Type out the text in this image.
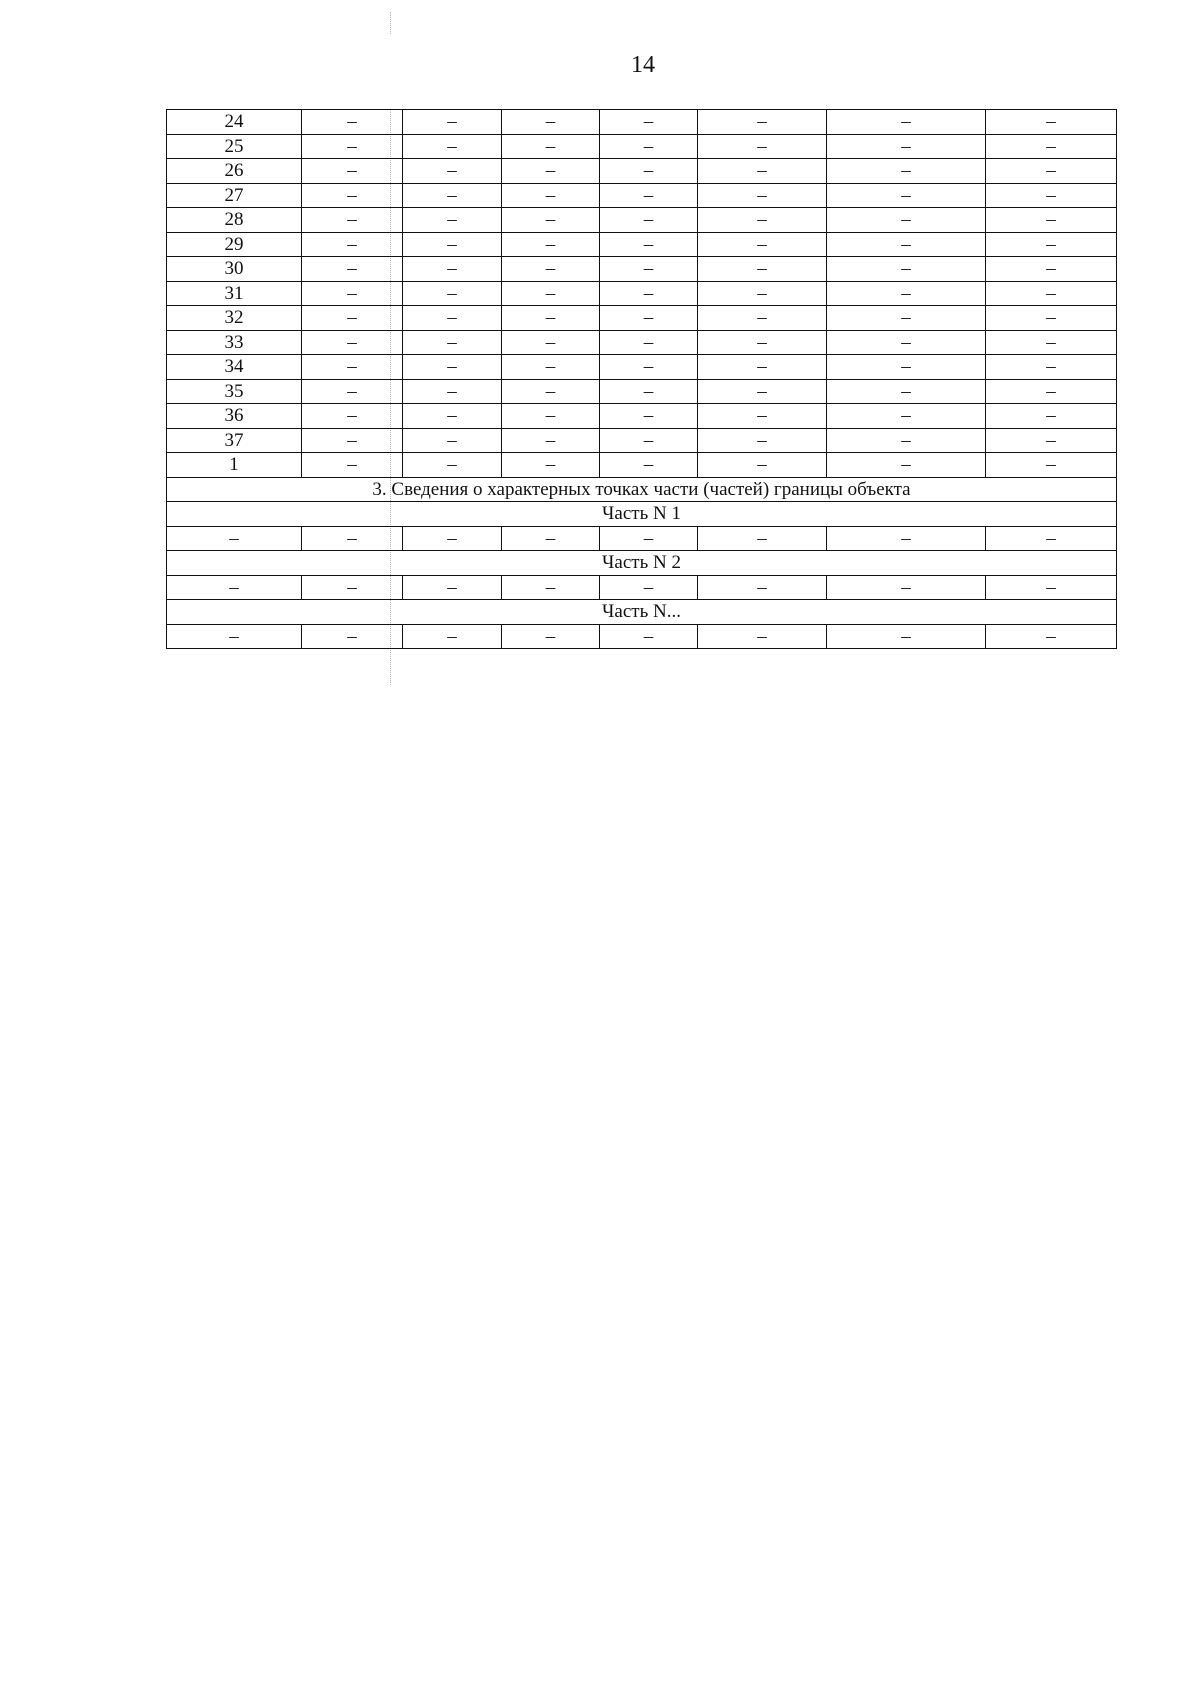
14
24	–	–	–	–	–	–	–
25	–	–	–	–	–	–	–
26	–	–	–	–	–	–	–
27	–	–	–	–	–	–	–
28	–	–	–	–	–	–	–
29	–	–	–	–	–	–	–
30	–	–	–	–	–	–	–
31	–	–	–	–	–	–	–
32	–	–	–	–	–	–	–
33	–	–	–	–	–	–	–
34	–	–	–	–	–	–	–
35	–	–	–	–	–	–	–
36	–	–	–	–	–	–	–
37	–	–	–	–	–	–	–
1	–	–	–	–	–	–	–
3. Сведения о характерных точках части (частей) границы объекта							
Часть N 1							
–	–	–	–	–	–	–	–
Часть N 2							
–	–	–	–	–	–	–	–
Часть N...							
–	–	–	–	–	–	–	–
